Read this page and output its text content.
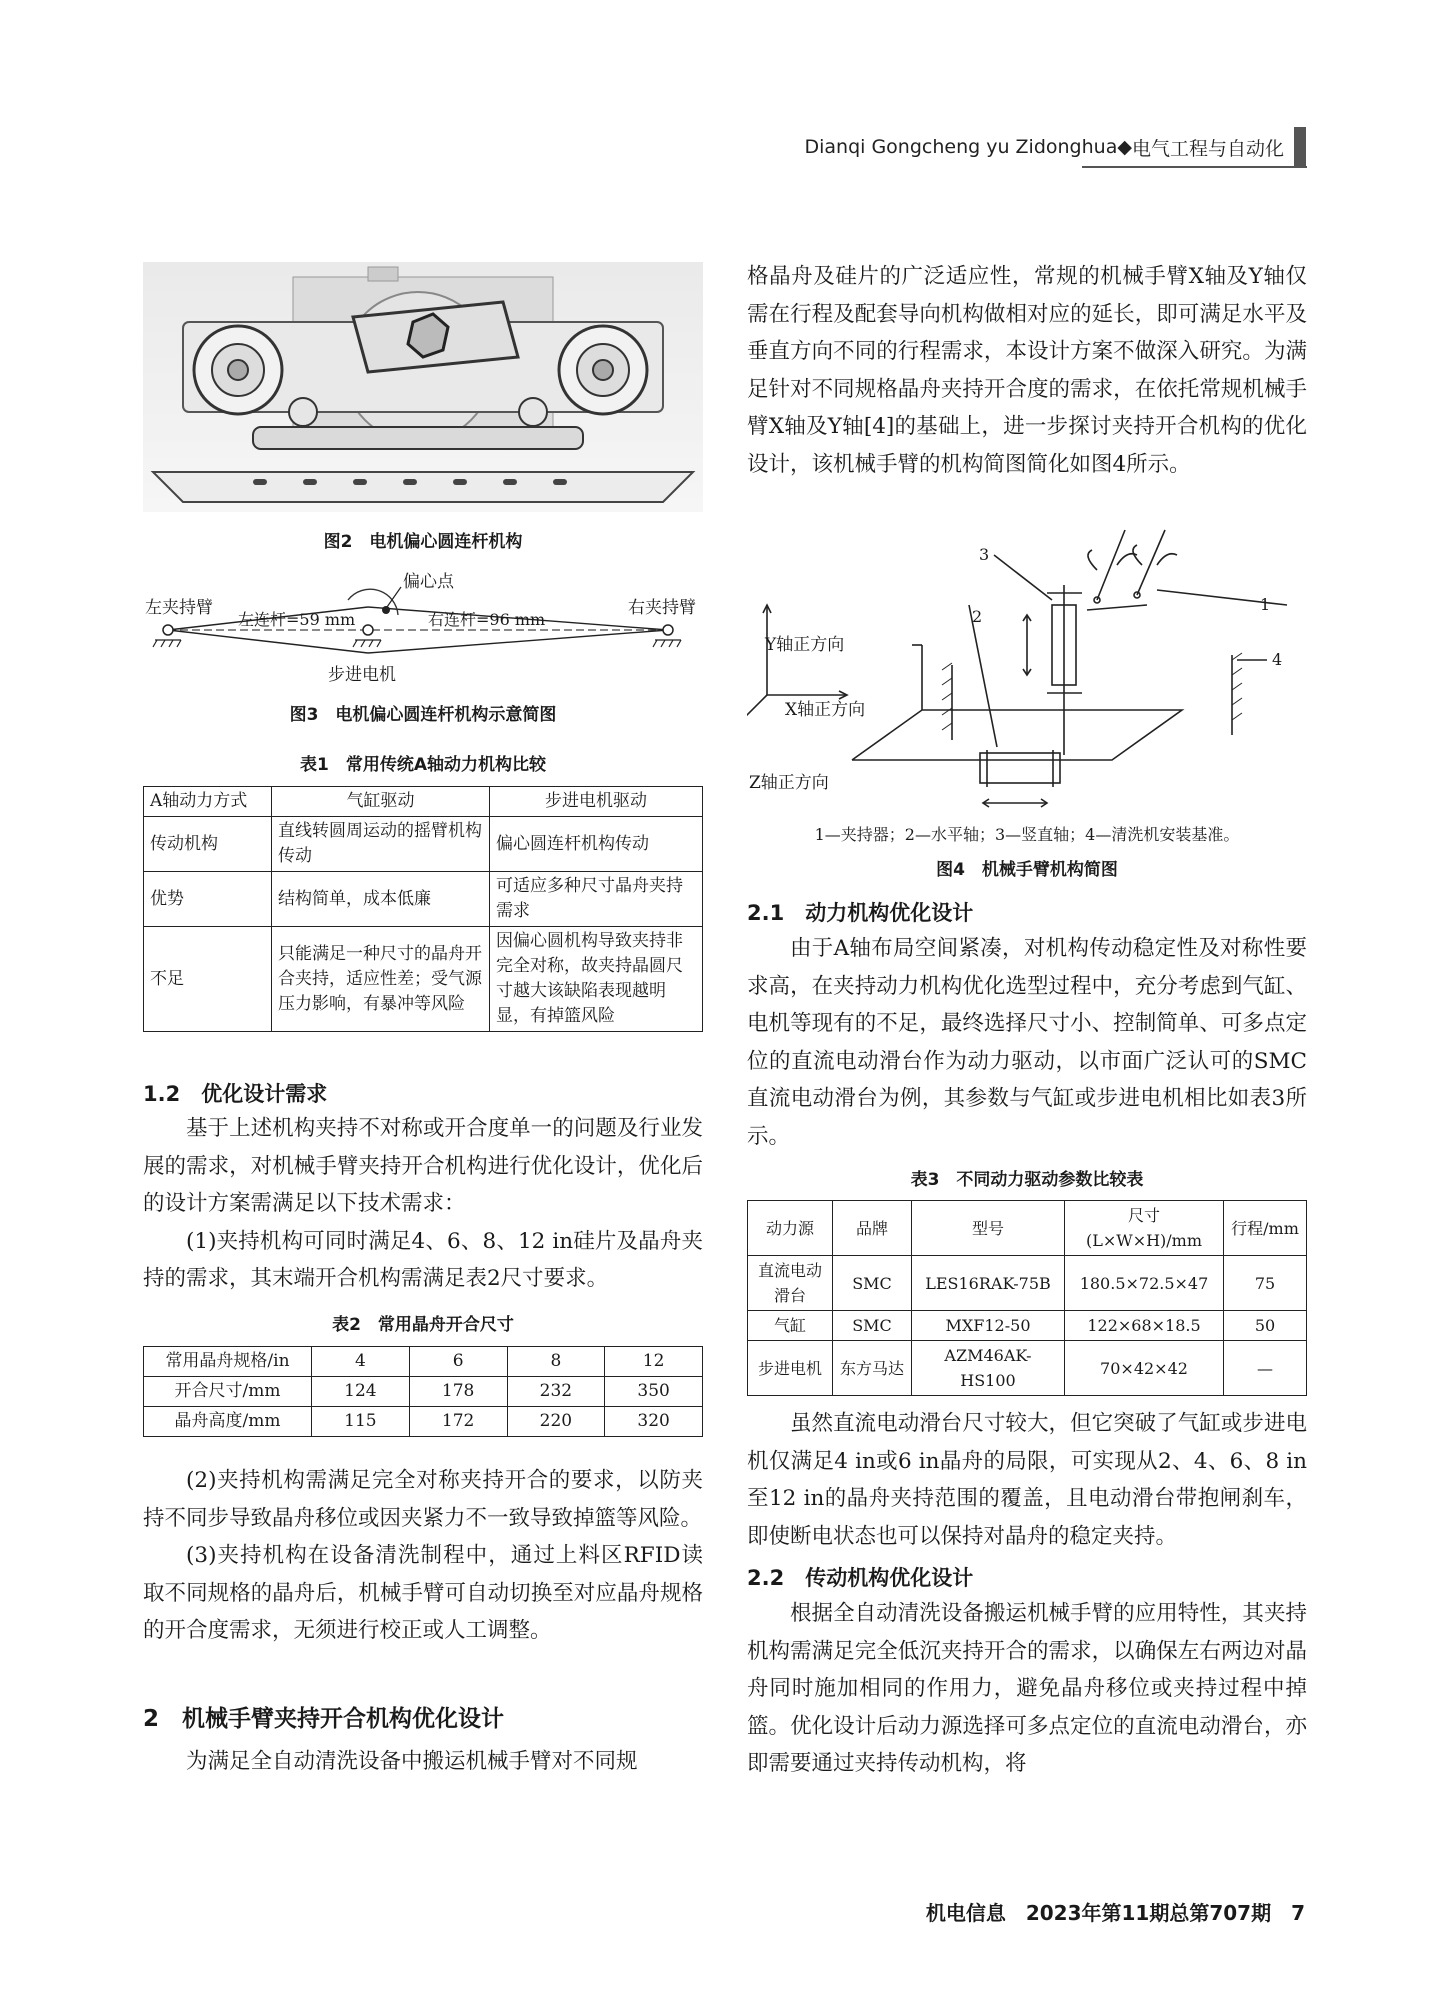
Dianqi Gongcheng yu Zidonghua ◆ 电气工程与自动化
图2　电机偏心圆连杆机构
左夹持臂	右夹持臂
偏心点
左连杆=59 mm	右连杆=96 mm
步进电机
图3　电机偏心圆连杆机构示意简图
表1　常用传统A轴动力机构比较
A轴动力方式	气缸驱动	步进电机驱动
传动机构	直线转圆周运动的摇臂机构传动	偏心圆连杆机构传动
优势	结构简单，成本低廉	可适应多种尺寸晶舟夹持需求
不足	只能满足一种尺寸的晶舟开合夹持，适应性差；受气源压力影响，有暴冲等风险	因偏心圆机构导致夹持非完全对称，故夹持晶圆尺寸越大该缺陷表现越明显，有掉篮风险
1.2　优化设计需求

基于上述机构夹持不对称或开合度单一的问题及行业发展的需求，对机械手臂夹持开合机构进行优化设计，优化后的设计方案需满足以下技术需求：

(1)夹持机构可同时满足4、6、8、12 in硅片及晶舟夹持的需求，其末端开合机构需满足表2尺寸要求。

表2　常用晶舟开合尺寸
常用晶舟规格/in	4	6	8	12
开合尺寸/mm	124	178	232	350
晶舟高度/mm	115	172	220	320

(2)夹持机构需满足完全对称夹持开合的要求，以防夹持不同步导致晶舟移位或因夹紧力不一致导致掉篮等风险。

(3)夹持机构在设备清洗制程中，通过上料区RFID读取不同规格的晶舟后，机械手臂可自动切换至对应晶舟规格的开合度需求，无须进行校正或人工调整。

2　机械手臂夹持开合机构优化设计

为满足全自动清洗设备中搬运机械手臂对不同规

格晶舟及硅片的广泛适应性，常规的机械手臂X轴及Y轴仅需在行程及配套导向机构做相对应的延长，即可满足水平及垂直方向不同的行程需求，本设计方案不做深入研究。为满足针对不同规格晶舟夹持开合度的需求，在依托常规机械手臂X轴及Y轴[4]的基础上，进一步探讨夹持开合机构的优化设计，该机械手臂的机构简图简化如图4所示。

Y轴正方向
X轴正方向
Z轴正方向
1
2
3
4
1—夹持器；2—水平轴；3—竖直轴；4—清洗机安装基准。
图4　机械手臂机构简图
2.1　动力机构优化设计

由于A轴布局空间紧凑，对机构传动稳定性及对称性要求高，在夹持动力机构优化选型过程中，充分考虑到气缸、电机等现有的不足，最终选择尺寸小、控制简单、可多点定位的直流电动滑台作为动力驱动，以市面广泛认可的SMC直流电动滑台为例，其参数与气缸或步进电机相比如表3所示。

表3　不同动力驱动参数比较表
动力源	品牌	型号	尺寸(L×W×H)/mm	行程/mm
直流电动滑台	SMC	LES16RAK-75B	180.5×72.5×47	75
气缸	SMC	MXF12-50	122×68×18.5	50
步进电机	东方马达	AZM46AK-HS100	70×42×42	—

虽然直流电动滑台尺寸较大，但它突破了气缸或步进电机仅满足4 in或6 in晶舟的局限，可实现从2、4、6、8 in至12 in的晶舟夹持范围的覆盖，且电动滑台带抱闸刹车，即使断电状态也可以保持对晶舟的稳定夹持。

2.2　传动机构优化设计

根据全自动清洗设备搬运机械手臂的应用特性，其夹持机构需满足完全低沉夹持开合的需求，以确保左右两边对晶舟同时施加相同的作用力，避免晶舟移位或夹持过程中掉篮。优化设计后动力源选择可多点定位的直流电动滑台，亦即需要通过夹持传动机构，将

机电信息　2023年第11期总第707期　7
